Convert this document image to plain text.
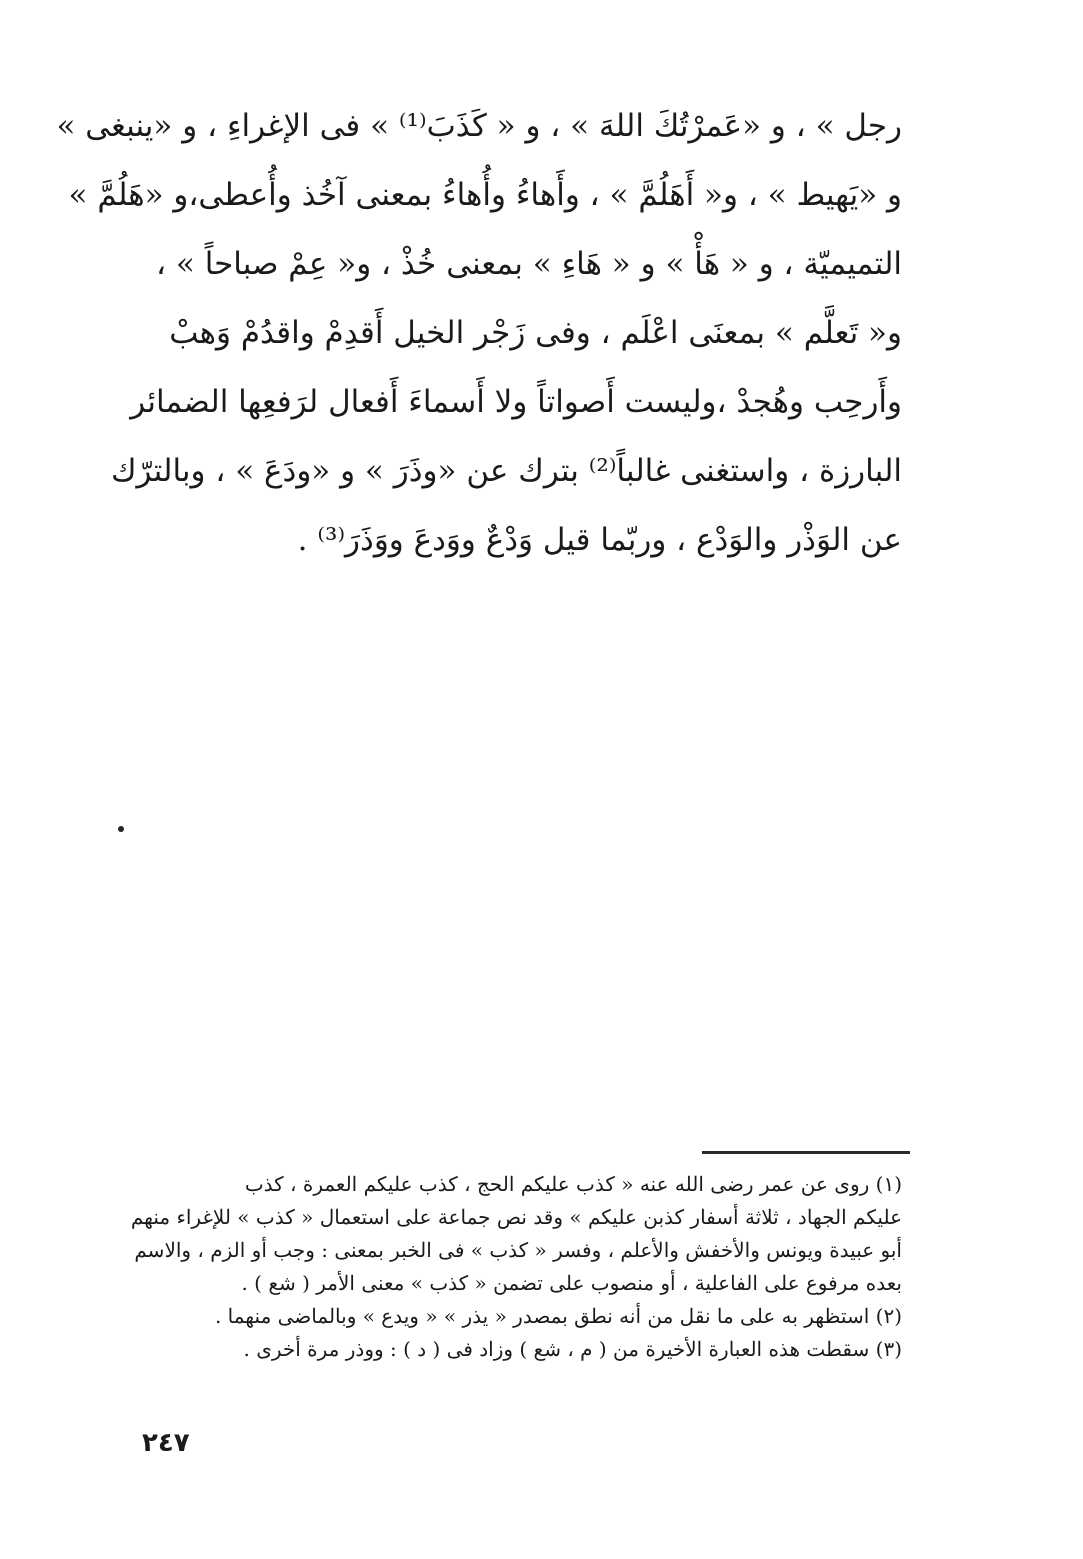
رجل » ، و «عَمرْتُكَ اللهَ » ، و « كَذَبَ⁽¹⁾ » فى الإغراءِ ، و «ينبغى »
و «يَهيط » ، و« أَهَلُمَّ » ، وأَهاءُ وأُهاءُ بمعنى آخُذ وأُعطى،و «هَلُمَّ »
التميميّة ، و « هَأْ » و « هَاءِ » بمعنى خُذْ ، و« عِمْ صباحاً » ،
و« تَعلَّم » بمعنَى اعْلَم ، وفى زَجْر الخيل أَقدِمْ واقدُمْ وَهبْ
وأَرحِب وهُجدْ ،وليست أَصواتاً ولا أَسماءَ أَفعال لرَفعِها الضمائر
البارزة ، واستغنى غالباً⁽²⁾ بترك عن «وذَرَ » و «ودَعَ » ، وبالترّك
عن الوَذْر والوَدْع ، وربّما قيل وَدْعٌ ووَدعَ ووَذَرَ⁽³⁾ .
(١) روى عن عمر رضى الله عنه « كذب عليكم الحج ، كذب عليكم العمرة ، كذب
عليكم الجهاد ، ثلاثة أسفار كذبن عليكم » وقد نص جماعة على استعمال « كذب » للإغراء منهم
أبو عبيدة ويونس والأخفش والأعلم ، وفسر « كذب » فى الخبر بمعنى : وجب أو الزم ، والاسم
بعده مرفوع على الفاعلية ، أو منصوب على تضمن « كذب » معنى الأمر ( شع ) .
(٢) استظهر به على ما نقل من أنه نطق بمصدر « يذر » « ويدع » وبالماضى منهما .
(٣) سقطت هذه العبارة الأخيرة من ( م ، شع ) وزاد فى ( د ) : ووذر مرة أخرى .
٢٤٧
